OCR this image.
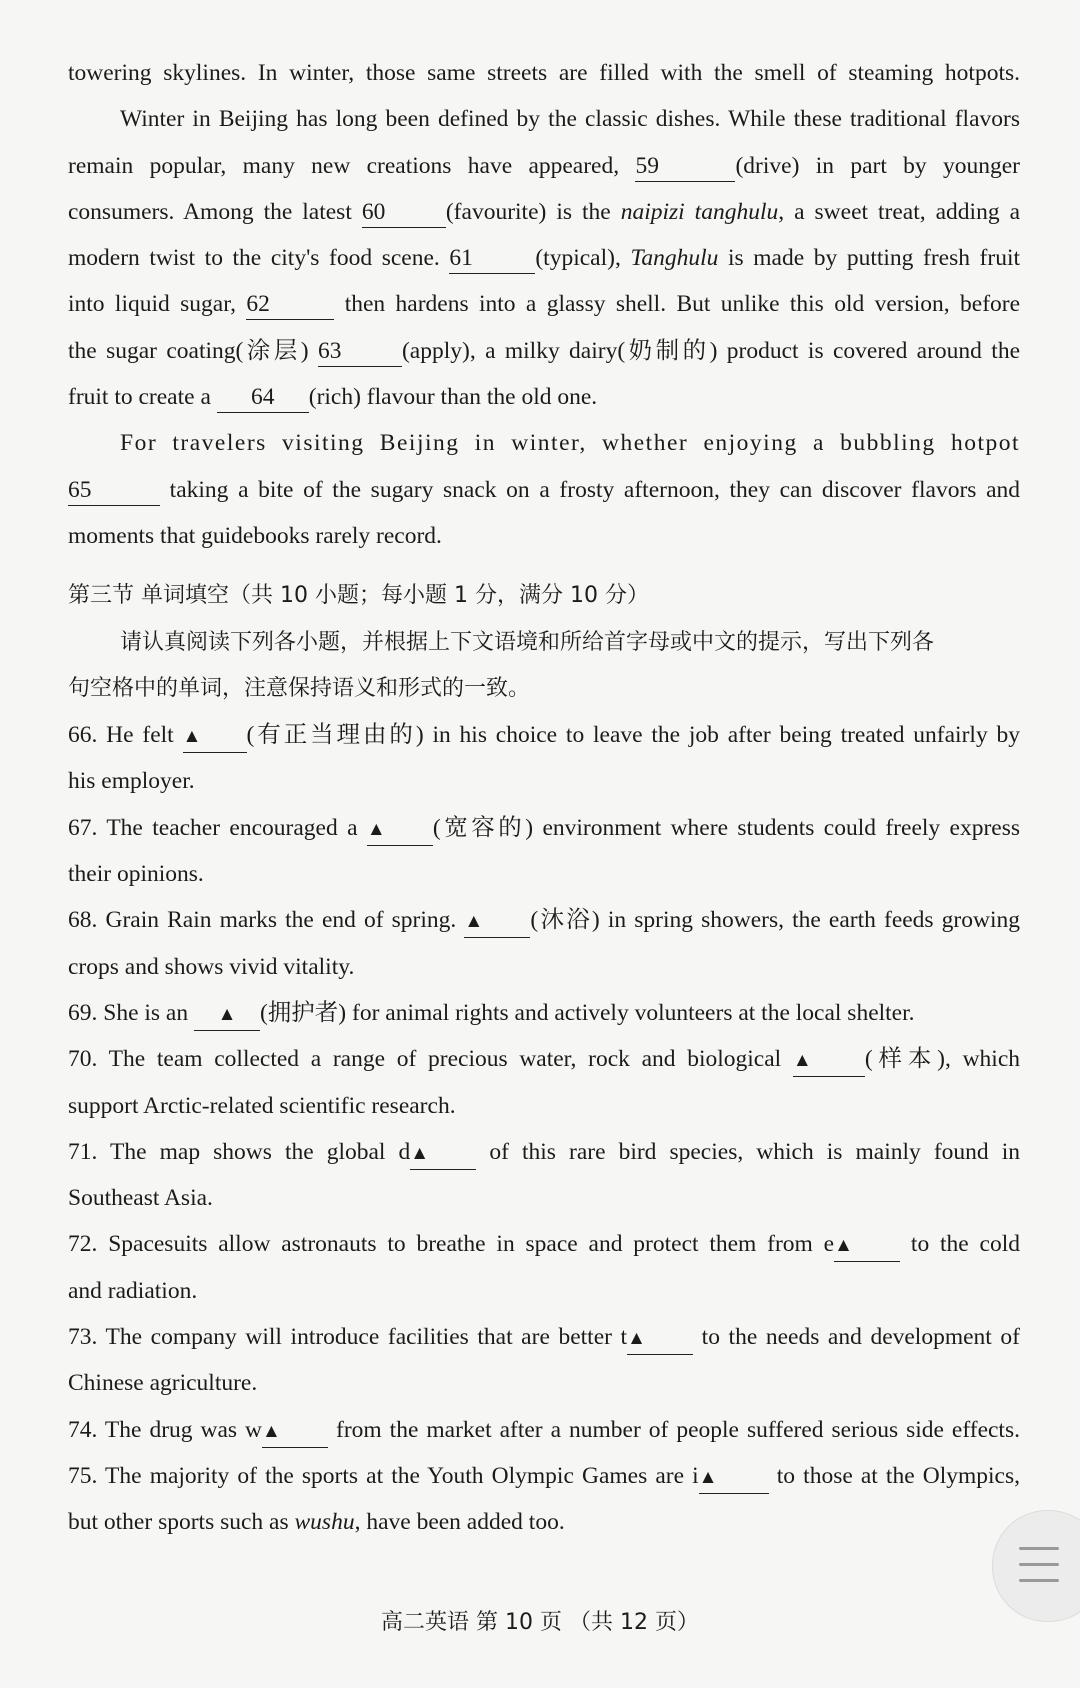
towering skylines. In winter, those same streets are filled with the smell of steaming hotpots.
Winter in Beijing has long been defined by the classic dishes. While these traditional flavors
remain popular, many new creations have appeared, 59	(drive) in part by younger
consumers. Among the latest 60	(favourite) is the naipizi tanghulu, a sweet treat, adding a
modern twist to the city's food scene. 61	(typical), Tanghulu is made by putting fresh fruit
into liquid sugar, 62	then hardens into a glassy shell. But unlike this old version, before
the sugar coating(涂层) 63	(apply), a milky dairy(奶制的) product is covered around the
fruit to create a 64 (rich) flavour than the old one.
For travelers visiting Beijing in winter, whether enjoying a bubbling hotpot
65	taking a bite of the sugary snack on a frosty afternoon, they can discover flavors and
moments that guidebooks rarely record.
第三节 单词填空（共 10 小题；每小题 1 分，满分 10 分）
请认真阅读下列各小题，并根据上下文语境和所给首字母或中文的提示，写出下列各
句空格中的单词，注意保持语义和形式的一致。
66. He felt ▲ (有正当理由的) in his choice to leave the job after being treated unfairly by
his employer.
67. The teacher encouraged a ▲ (宽容的) environment where students could freely express
their opinions.
68. Grain Rain marks the end of spring. ▲ (沐浴) in spring showers, the earth feeds growing
crops and shows vivid vitality.
69. She is an ▲ (拥护者) for animal rights and actively volunteers at the local shelter.
70. The team collected a range of precious water, rock and biological ▲ (样本), which
support Arctic-related scientific research.
71. The map shows the global d▲	of this rare bird species, which is mainly found in
Southeast Asia.
72. Spacesuits allow astronauts to breathe in space and protect them from e▲ to the cold
and radiation.
73. The company will introduce facilities that are better t▲ to the needs and development of
Chinese agriculture.
74. The drug was w▲ from the market after a number of people suffered serious side effects.
75. The majority of the sports at the Youth Olympic Games are i▲	to those at the Olympics,
but other sports such as wushu, have been added too.
高二英语 第 10 页 （共 12 页）
